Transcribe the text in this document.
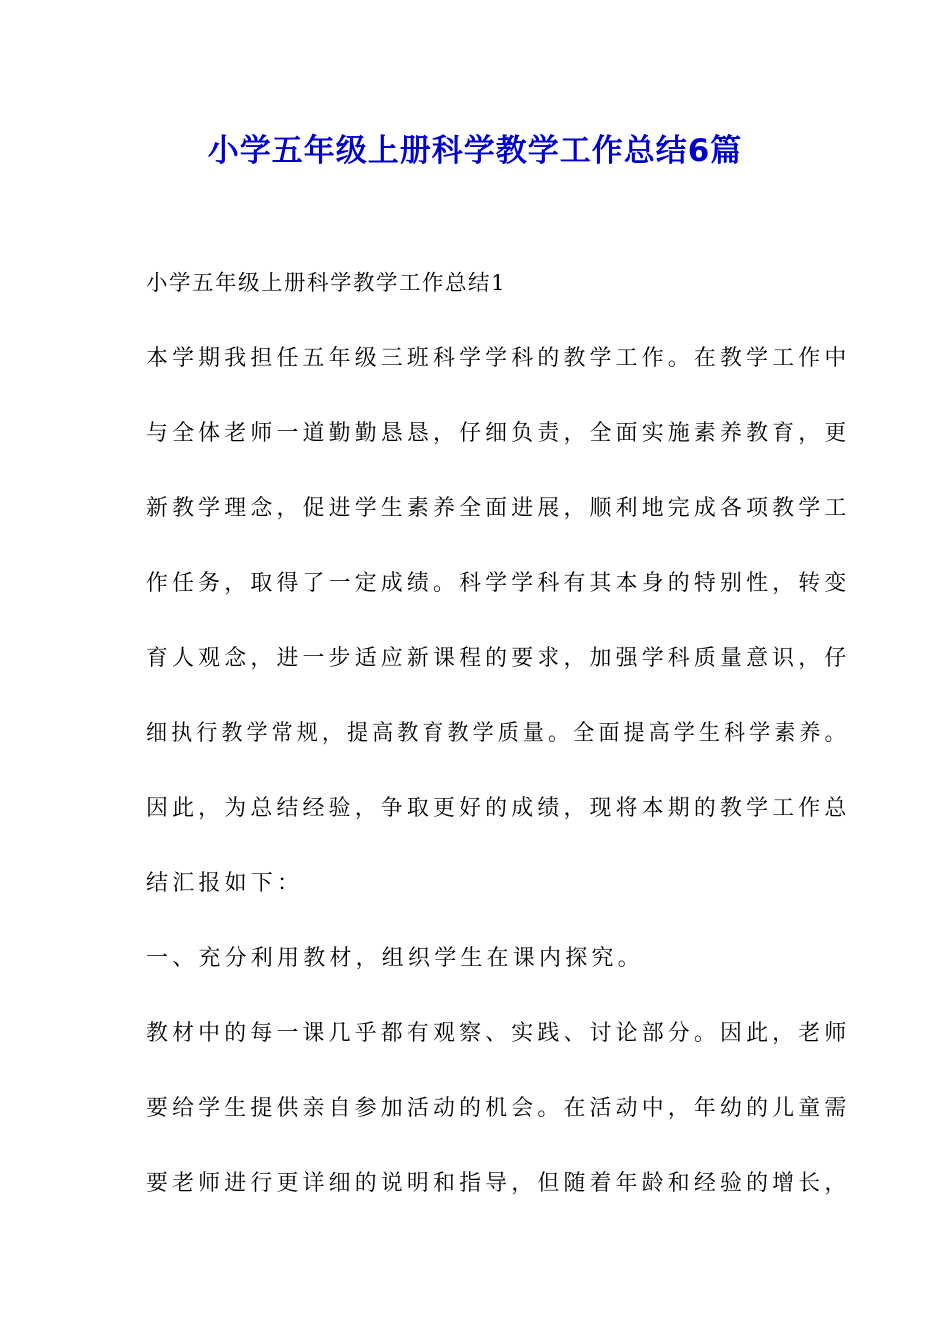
小学五年级上册科学教学工作总结6篇
小学五年级上册科学教学工作总结1
本学期我担任五年级三班科学学科的教学工作。在教学工作中
与全体老师一道勤勤恳恳，仔细负责，全面实施素养教育，更
新教学理念，促进学生素养全面进展，顺利地完成各项教学工
作任务，取得了一定成绩。科学学科有其本身的特别性，转变
育人观念，进一步适应新课程的要求，加强学科质量意识，仔
细执行教学常规，提高教育教学质量。全面提高学生科学素养。
因此，为总结经验，争取更好的成绩，现将本期的教学工作总
结汇报如下：
一、充分利用教材，组织学生在课内探究。
教材中的每一课几乎都有观察、实践、讨论部分。因此，老师
要给学生提供亲自参加活动的机会。在活动中，年幼的儿童需
要老师进行更详细的说明和指导，但随着年龄和经验的增长，
